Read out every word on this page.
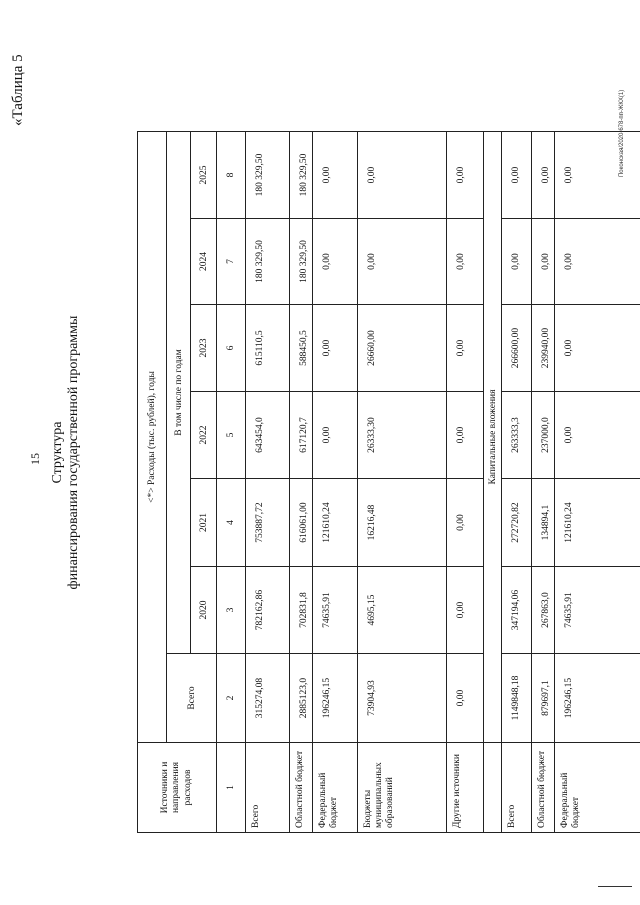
15
«Таблица 5
Структура финансирования государственной программы
Источники и направления расходов	<*> Расходы (тыс. рублей), годы						
	Всего	В том числе по годам					
		2020	2021	2022	2023	2024	2025
1	2	3	4	5	6	7	8
Всего	315274,08	782162,86	753887,72	643454,0	615110,5	180 329,50	180 329,50
Областной бюджет	2885123,0	702831,8	616061,00	617120,7	588450,5	180 329,50	180 329,50
Федеральный бюджет	196246,15	74635,91	121610,24	0,00	0,00	0,00	0,00
Бюджеты муниципальных образований	73904,93	4695,15	16216,48	26333,30	26660,00	0,00	0,00
Другие источники	0,00	0,00	0,00	0,00	0,00	0,00	0,00
	Капитальные вложения						
Всего	1149848,18	347194,06	272720,82	263333,3	266600,00	0,00	0,00
Областной бюджет	879697,1	267863,0	134894,1	237000,0	239940,00	0,00	0,00
Федеральный бюджет	196246,15	74635,91	121610,24	0,00	0,00	0,00	0,00	Поконская/2020-678-пп-ЖКХ(1)
